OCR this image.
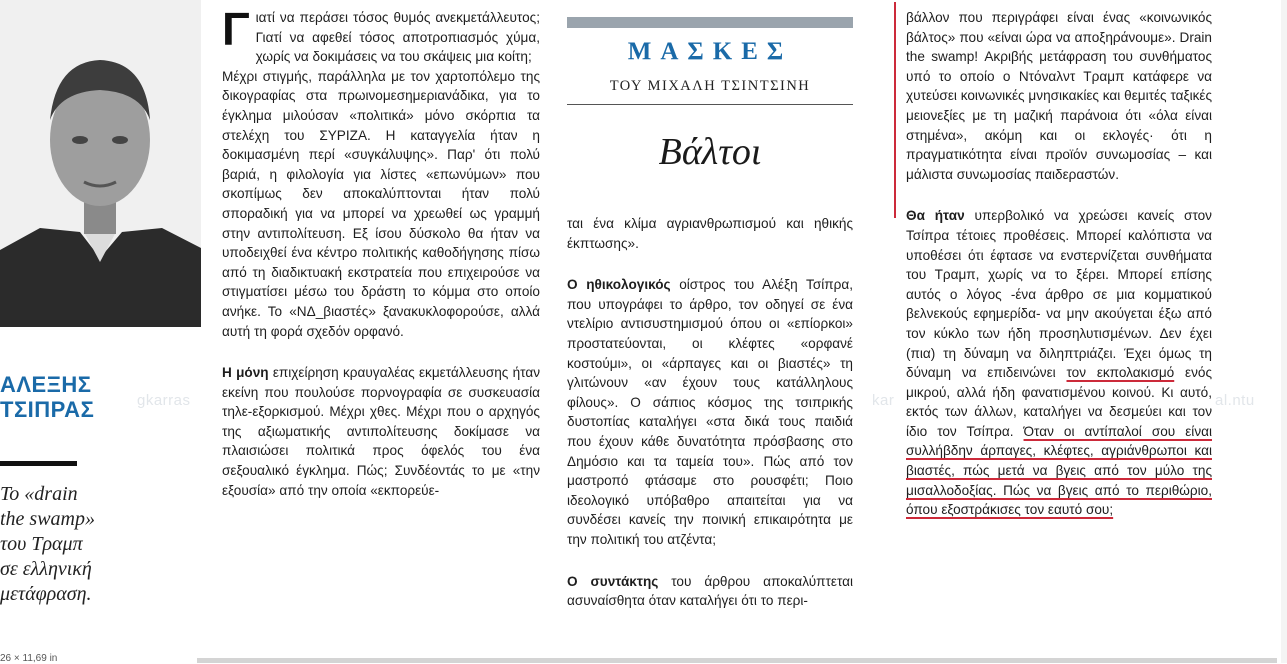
ΑΛΕΞΗΣ
ΤΣΙΠΡΑΣ
To «drain
the swamp»
του Τραμπ
σε ελληνική
μετάφραση.

Γιατί να περάσει τόσος θυμός ανεκμετάλλευτος; Γιατί να αφεθεί τόσος αποτροπιασμός χύμα, χωρίς να δοκιμάσεις να του σκάψεις μια κοίτη;

Μέχρι στιγμής, παράλληλα με τον χαρτοπόλεμο της δικογραφίας στα πρωινομεσημεριανάδικα, για το έγκλημα μιλούσαν «πολιτικά» μόνο σκόρπια τα στελέχη του ΣΥΡΙΖΑ. Η καταγγελία ήταν η δοκιμασμένη περί «συγκάλυψης». Παρ' ότι πολύ βαριά, η φιλολογία για λίστες «επωνύμων» που σκοπίμως δεν αποκαλύπτονται ήταν πολύ σποραδική για να μπορεί να χρεωθεί ως γραμμή στην αντιπολίτευση. Εξ ίσου δύσκολο θα ήταν να υποδειχθεί ένα κέντρο πολιτικής καθοδήγησης πίσω από τη διαδικτυακή εκστρατεία που επιχειρούσε να στιγματίσει μέσω του δράστη το κόμμα στο οποίο ανήκε. Το «ΝΔ_βιαστές» ξανακυκλοφορούσε, αλλά αυτή τη φορά σχεδόν ορφανό.

Η μόνη επιχείρηση κραυγαλέας εκμετάλλευσης ήταν εκείνη που πουλούσε πορνογραφία σε συσκευασία τηλε-εξορκισμού. Μέχρι χθες. Μέχρι που ο αρχηγός της αξιωματικής αντιπολίτευσης δοκίμασε να πλαισιώσει πολιτικά προς όφελός του ένα σεξουαλικό έγκλημα. Πώς; Συνδέοντάς το με «την εξουσία» από την οποία «εκπορεύε-

ΜΑΣΚΕΣ
ΤΟΥ ΜΙΧΑΛΗ ΤΣΙΝΤΣΙΝΗ
Βάλτοι

ται ένα κλίμα αγριανθρωπισμού και ηθικής έκπτωσης».

Ο ηθικολογικός οίστρος του Αλέξη Τσίπρα, που υπογράφει το άρθρο, τον οδηγεί σε ένα ντελίριο αντισυστημισμού όπου οι «επίορκοι» προστατεύονται, οι κλέφτες «ορφανέ κοστούμι», οι «άρπαγες και οι βιαστές» τη γλιτώνουν «αν έχουν τους κατάλληλους φίλους». Ο σάπιος κόσμος της τσιπρικής δυστοπίας καταλήγει «στα δικά τους παιδιά που έχουν κάθε δυνατότητα πρόσβασης στο Δημόσιο και τα ταμεία του». Πώς από τον μαστροπό φτάσαμε στο ρουσφέτι; Ποιο ιδεολογικό υπόβαθρο απαιτείται για να συνδέσει κανείς την ποινική επικαιρότητα με την πολιτική του ατζέντα;

Ο συντάκτης του άρθρου αποκαλύπτεται ασυναίσθητα όταν καταλήγει ότι το περι-

βάλλον που περιγράφει είναι ένας «κοινωνικός βάλτος» που «είναι ώρα να αποξηράνουμε». Drain the swamp! Ακριβής μετάφραση του συνθήματος υπό το οποίο ο Ντόναλντ Τραμπ κατάφερε να χυτεύσει κοινωνικές μνησικακίες και θεμιτές ταξικές μειονεξίες με τη μαζική παράνοια ότι «όλα είναι στημένα», ακόμη και οι εκλογές· ότι η πραγματικότητα είναι προϊόν συνωμοσίας – και μάλιστα συνωμοσίας παιδεραστών.

Θα ήταν υπερβολικό να χρεώσει κανείς στον Τσίπρα τέτοιες προθέσεις. Μπορεί καλόπιστα να υποθέσει ότι έφτασε να ενστερνίζεται συνθήματα του Τραμπ, χωρίς να το ξέρει. Μπορεί επίσης αυτός ο λόγος -ένα άρθρο σε μια κομματικού βελνεκούς εφημερίδα- να μην ακούγεται έξω από τον κύκλο των ήδη προσηλυτισμένων. Δεν έχει (πια) τη δύναμη να διληπτριάζει. Έχει όμως τη δύναμη να επιδεινώνει τον εκπολακισμό ενός μικρού, αλλά ήδη φανατισμένου κοινού. Κι αυτό, εκτός των άλλων, καταλήγει να δεσμεύει και τον ίδιο τον Τσίπρα. Όταν οι αντίπαλοί σου είναι συλλήβδην άρπαγες, κλέφτες, αγριάνθρωποι και βιαστές, πώς μετά να βγεις από τον μύλο της μισαλλοδοξίας. Πώς να βγεις από το περιθώριο, όπου εξοστράκισες τον εαυτό σου;

gkarras	kar	al.ntu
26 × 11,69 in
